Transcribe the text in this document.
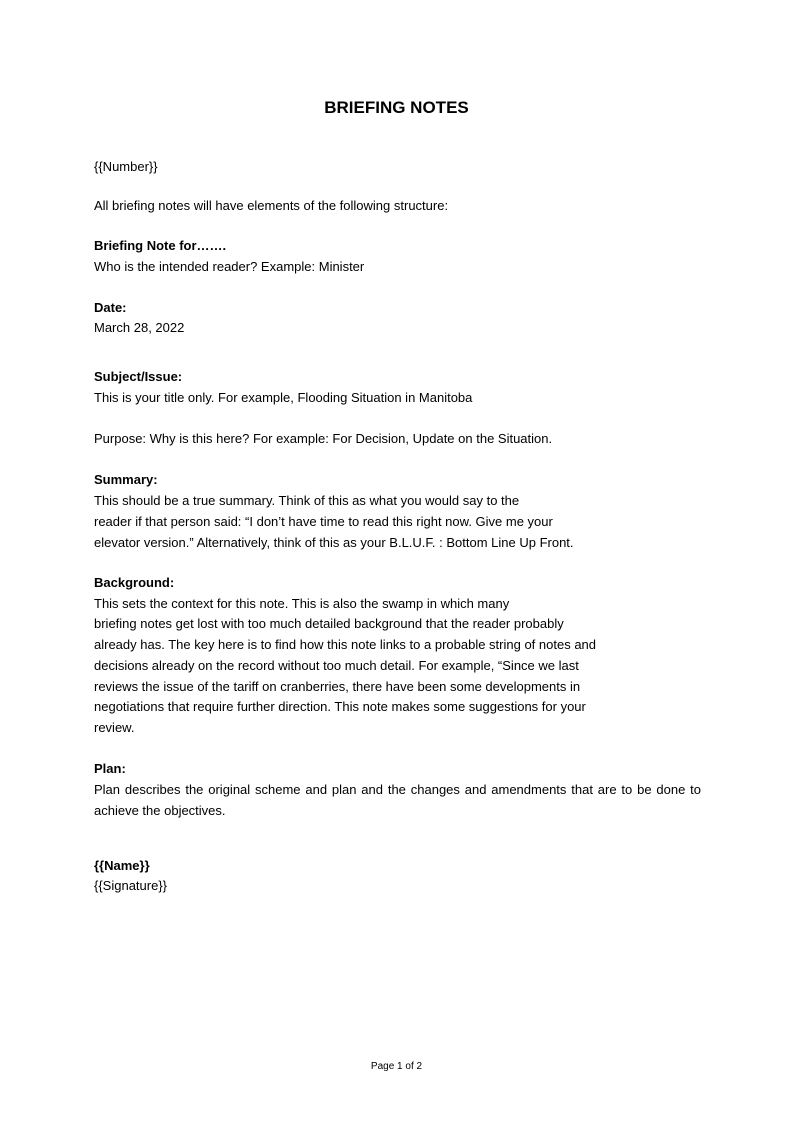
BRIEFING NOTES
{{Number}}
All briefing notes will have elements of the following structure:
Briefing Note for…….
Who is the intended reader? Example: Minister
Date:
March 28, 2022
Subject/Issue:
This is your title only. For example, Flooding Situation in Manitoba
Purpose: Why is this here? For example: For Decision, Update on the Situation.
Summary:
This should be a true summary. Think of this as what you would say to the
reader if that person said: “I don’t have time to read this right now. Give me your
elevator version.” Alternatively, think of this as your B.L.U.F. : Bottom Line Up Front.
Background:
This sets the context for this note. This is also the swamp in which many
briefing notes get lost with too much detailed background that the reader probably
already has. The key here is to find how this note links to a probable string of notes and
decisions already on the record without too much detail. For example, “Since we last
reviews the issue of the tariff on cranberries, there have been some developments in
negotiations that require further direction. This note makes some suggestions for your
review.
Plan:
Plan describes the original scheme and plan and the changes and amendments that are to be done to achieve the objectives.
{{Name}}
{{Signature}}
Page 1 of 2
